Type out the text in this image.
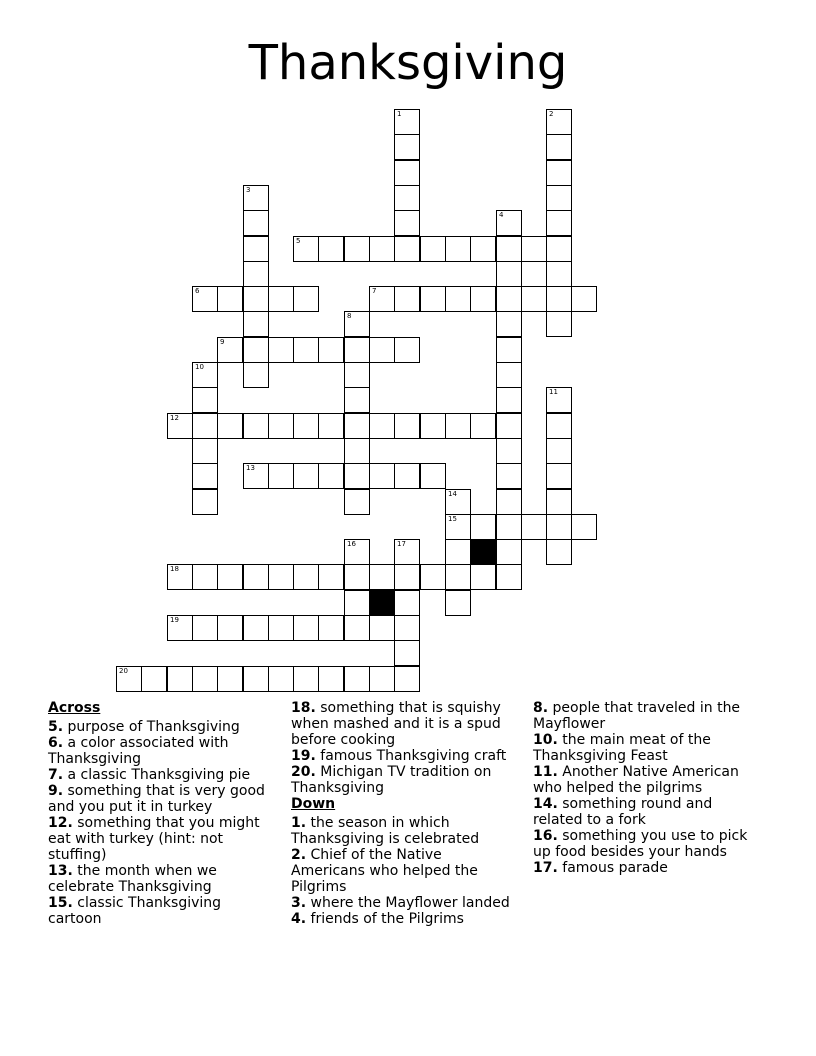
Thanksgiving
1	2
3
4
5
6	7
8
9
10
11
12
13
14
15
16	17
18
19
20
Across
5. purpose of Thanksgiving
6. a color associated with Thanksgiving
7. a classic Thanksgiving pie
9. something that is very good and you put it in turkey
12. something that you might eat with turkey (hint: not stuffing)
13. the month when we celebrate Thanksgiving
15. classic Thanksgiving cartoon
18. something that is squishy when mashed and it is a spud before cooking
19. famous Thanksgiving craft
20. Michigan TV tradition on Thanksgiving
Down
1. the season in which Thanksgiving is celebrated
2. Chief of the Native Americans who helped the Pilgrims
3. where the Mayflower landed
4. friends of the Pilgrims
8. people that traveled in the Mayflower
10. the main meat of the Thanksgiving Feast
11. Another Native American who helped the pilgrims
14. something round and related to a fork
16. something you use to pick up food besides your hands
17. famous parade
